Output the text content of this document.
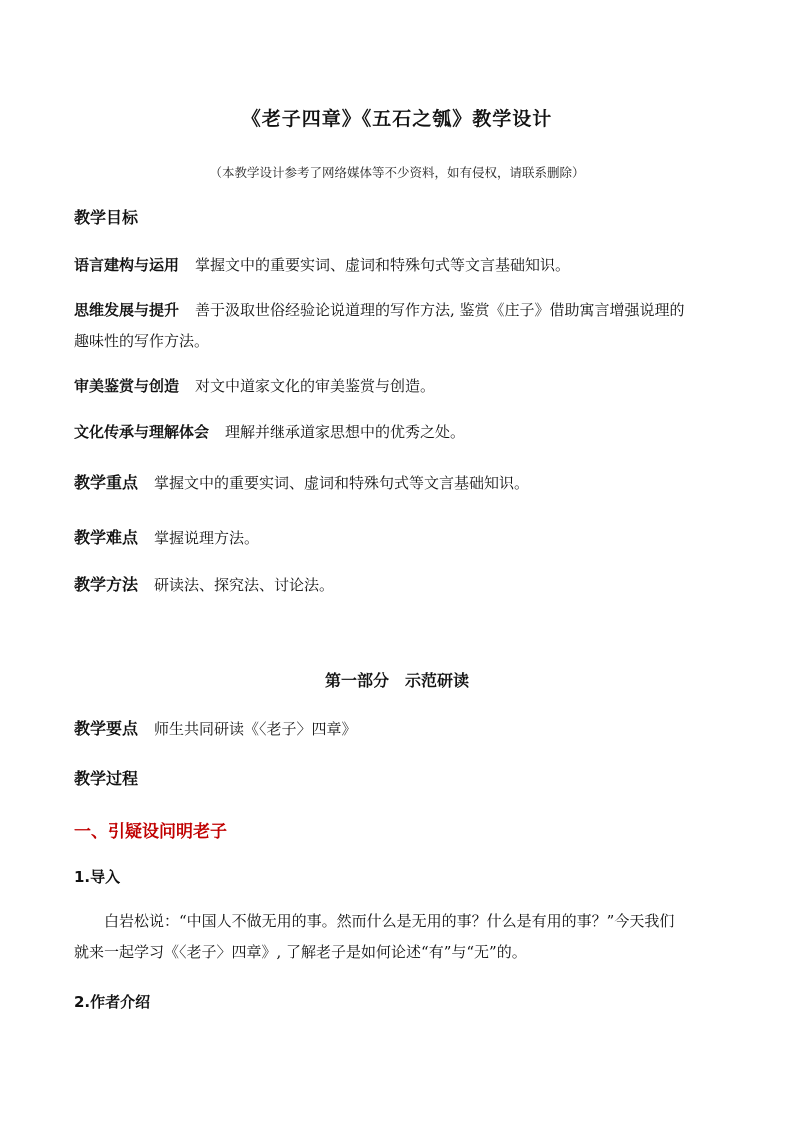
《老子四章》《五石之瓠》教学设计
（本教学设计参考了网络媒体等不少资料，如有侵权，请联系删除）
教学目标
语言建构与运用 掌握文中的重要实词、虚词和特殊句式等文言基础知识。
思维发展与提升 善于汲取世俗经验论说道理的写作方法, 鉴赏《庄子》借助寓言增强说理的
趣味性的写作方法。
审美鉴赏与创造 对文中道家文化的审美鉴赏与创造。
文化传承与理解体会 理解并继承道家思想中的优秀之处。
教学重点 掌握文中的重要实词、虚词和特殊句式等文言基础知识。
教学难点 掌握说理方法。
教学方法 研读法、探究法、讨论法。
第一部分　示范研读
教学要点 师生共同研读《〈老子〉四章》
教学过程
一、引疑设问明老子
1.导入
白岩松说：“中国人不做无用的事。然而什么是无用的事？什么是有用的事？”今天我们
就来一起学习《〈老子〉四章》, 了解老子是如何论述“有”与“无”的。
2.作者介绍
